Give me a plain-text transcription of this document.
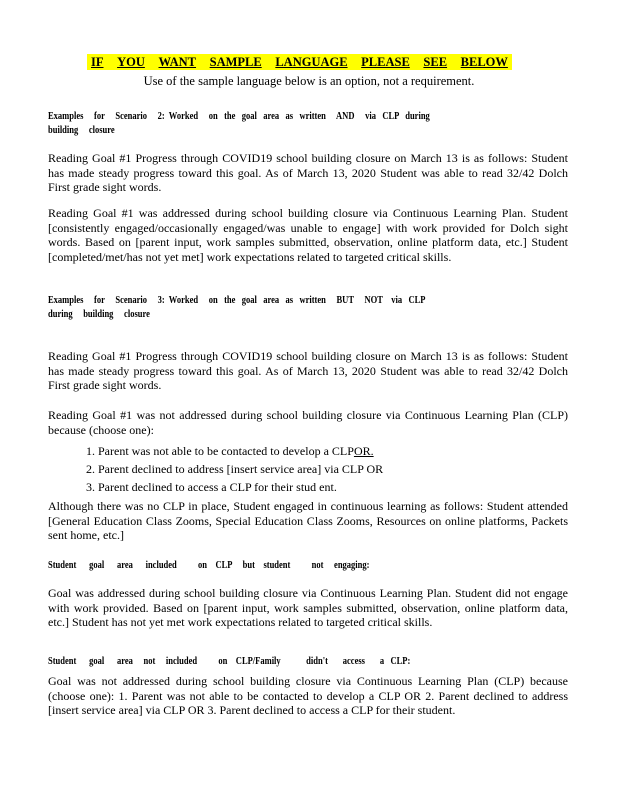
IF YOU WANT SAMPLE LANGUAGE PLEASE SEE BELOW
Use of the sample language below is an option, not a requirement.
Examples     for     Scenario     2:  Worked     on   the   goal   area   as   written     AND     via   CLP   during
building     closure
Reading Goal #1 Progress through COVID19 school building closure on March 13 is as follows: Student has made steady progress toward this goal. As of March 13, 2020 Student was able to read 32/42 Dolch First grade sight words.
Reading Goal #1 was addressed during school building closure via Continuous Learning Plan. Student [consistently engaged/occasionally engaged/was unable to engage] with work provided for Dolch sight words. Based on [parent input, work samples submitted, observation, online platform data, etc.] Student [completed/met/has not yet met] work expectations related to targeted critical skills.
Examples     for     Scenario     3:  Worked     on   the   goal   area   as   written     BUT     NOT    via   CLP
during     building     closure
Reading Goal #1 Progress through COVID19 school building closure on March 13 is as follows: Student has made steady progress toward this goal. As of March 13, 2020 Student was able to read 32/42 Dolch First grade sight words.
Reading Goal #1 was not addressed during school building closure via Continuous Learning Plan (CLP) because (choose one):
1. Parent was not able to be contacted to develop a CLPOR.
2. Parent declined to address [insert service area] via CLP OR
3. Parent declined to access a CLP for their stud ent.
Although there was no CLP in place, Student engaged in continuous learning as follows: Student attended [General Education Class Zooms, Special Education Class Zooms, Resources on online platforms, Packets sent home, etc.]
Student      goal      area      included          on    CLP     but    student          not     engaging:
Goal was addressed during school building closure via Continuous Learning Plan. Student did not engage with work provided. Based on [parent input, work samples submitted, observation, online platform data, etc.] Student has not yet met work expectations related to targeted critical skills.
Student      goal      area     not     included          on    CLP/Family            didn't       access       a   CLP:
Goal was not addressed during school building closure via Continuous Learning Plan (CLP) because (choose one): 1. Parent was not able to be contacted to develop a CLP OR 2. Parent declined to address [insert service area] via CLP OR 3. Parent declined to access a CLP for their student.
